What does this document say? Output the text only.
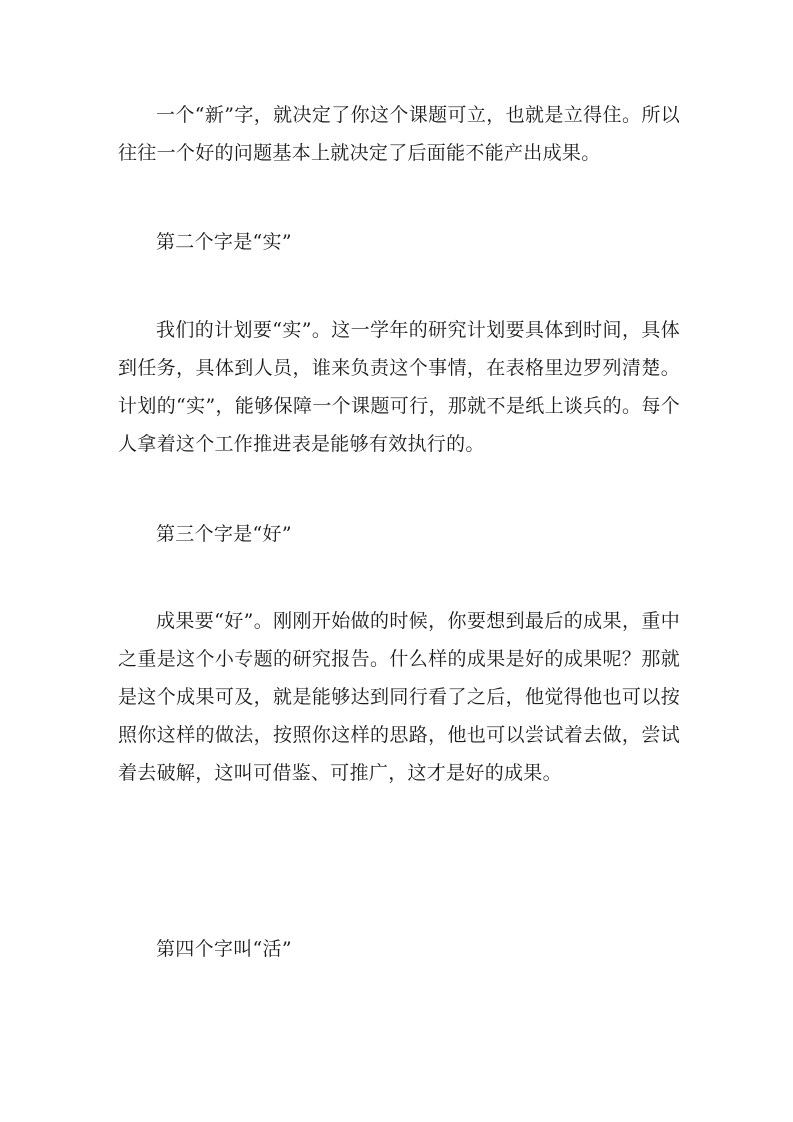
一个“新”字，就决定了你这个课题可立，也就是立得住。所以往往一个好的问题基本上就决定了后面能不能产出成果。

第二个字是“实”

我们的计划要“实”。这一学年的研究计划要具体到时间，具体到任务，具体到人员，谁来负责这个事情，在表格里边罗列清楚。计划的“实”，能够保障一个课题可行，那就不是纸上谈兵的。每个人拿着这个工作推进表是能够有效执行的。

第三个字是“好”

成果要“好”。刚刚开始做的时候，你要想到最后的成果，重中之重是这个小专题的研究报告。什么样的成果是好的成果呢？那就是这个成果可及，就是能够达到同行看了之后，他觉得他也可以按照你这样的做法，按照你这样的思路，他也可以尝试着去做，尝试着去破解，这叫可借鉴、可推广，这才是好的成果。

第四个字叫“活”
